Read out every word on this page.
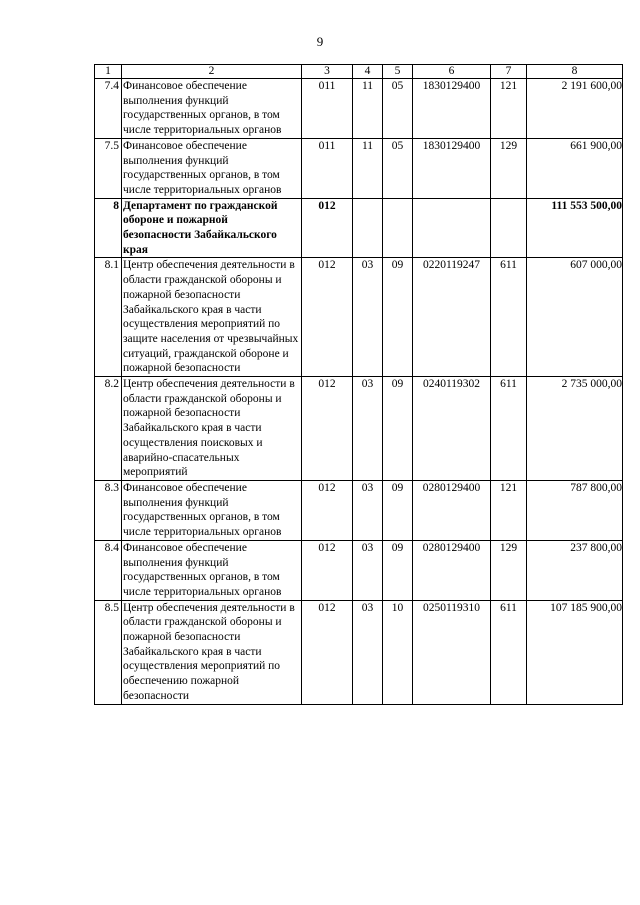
9
1	2	3	4	5	6	7	8
7.4	Финансовое обеспечение выполнения функций государственных органов, в том числе территориальных органов	011	11	05	1830129400	121	2 191 600,00
7.5	Финансовое обеспечение выполнения функций государственных органов, в том числе территориальных органов	011	11	05	1830129400	129	661 900,00
8	Департамент по гражданской обороне и пожарной безопасности Забайкальского края	012					111 553 500,00
8.1	Центр обеспечения деятельности в области гражданской обороны и пожарной безопасности Забайкальского края в части осуществления мероприятий по защите населения от чрезвычайных ситуаций, гражданской обороне и пожарной безопасности	012	03	09	0220119247	611	607 000,00
8.2	Центр обеспечения деятельности в области гражданской обороны и пожарной безопасности Забайкальского края в части осуществления поисковых и аварийно-спасательных мероприятий	012	03	09	0240119302	611	2 735 000,00
8.3	Финансовое обеспечение выполнения функций государственных органов, в том числе территориальных органов	012	03	09	0280129400	121	787 800,00
8.4	Финансовое обеспечение выполнения функций государственных органов, в том числе территориальных органов	012	03	09	0280129400	129	237 800,00
8.5	Центр обеспечения деятельности в области гражданской обороны и пожарной безопасности Забайкальского края в части осуществления мероприятий по обеспечению пожарной безопасности	012	03	10	0250119310	611	107 185 900,00
